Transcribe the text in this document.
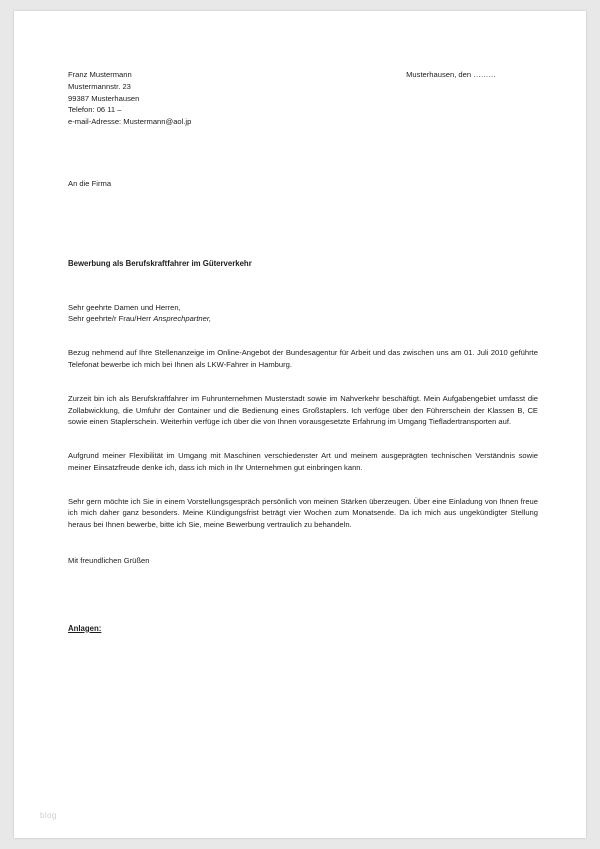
Franz Mustermann
Mustermannstr. 23
99387 Musterhausen
Telefon: 06 11 –
e-mail-Adresse: Mustermann@aol.jp
Musterhausen, den ………
An die Firma
Bewerbung als Berufskraftfahrer im Güterverkehr
Sehr geehrte Damen und Herren,
Sehr geehrte/r Frau/Herr Ansprechpartner,

Bezug nehmend auf Ihre Stellenanzeige im Online-Angebot der Bundesagentur für Arbeit und das zwischen uns am 01. Juli 2010 geführte Telefonat bewerbe ich mich bei Ihnen als LKW-Fahrer in Hamburg.

Zurzeit bin ich als Berufskraftfahrer im Fuhrunternehmen Musterstadt sowie im Nahverkehr beschäftigt. Mein Aufgabengebiet umfasst die Zollabwicklung, die Umfuhr der Container und die Bedienung eines Großstaplers. Ich verfüge über den Führerschein der Klassen B, CE sowie einen Staplerschein. Weiterhin verfüge ich über die von Ihnen vorausgesetzte Erfahrung im Umgang Tiefladertransporten auf.

Aufgrund meiner Flexibilität im Umgang mit Maschinen verschiedenster Art und meinem ausgeprägten technischen Verständnis sowie meiner Einsatzfreude denke ich, dass ich mich in Ihr Unternehmen gut einbringen kann.

Sehr gern möchte ich Sie in einem Vorstellungsgespräch persönlich von meinen Stärken überzeugen. Über eine Einladung von Ihnen freue ich mich daher ganz besonders. Meine Kündigungsfrist beträgt vier Wochen zum Monatsende. Da ich mich aus ungekündigter Stellung heraus bei Ihnen bewerbe, bitte ich Sie, meine Bewerbung vertraulich zu behandeln.

Mit freundlichen Grüßen
Anlagen:
blog
